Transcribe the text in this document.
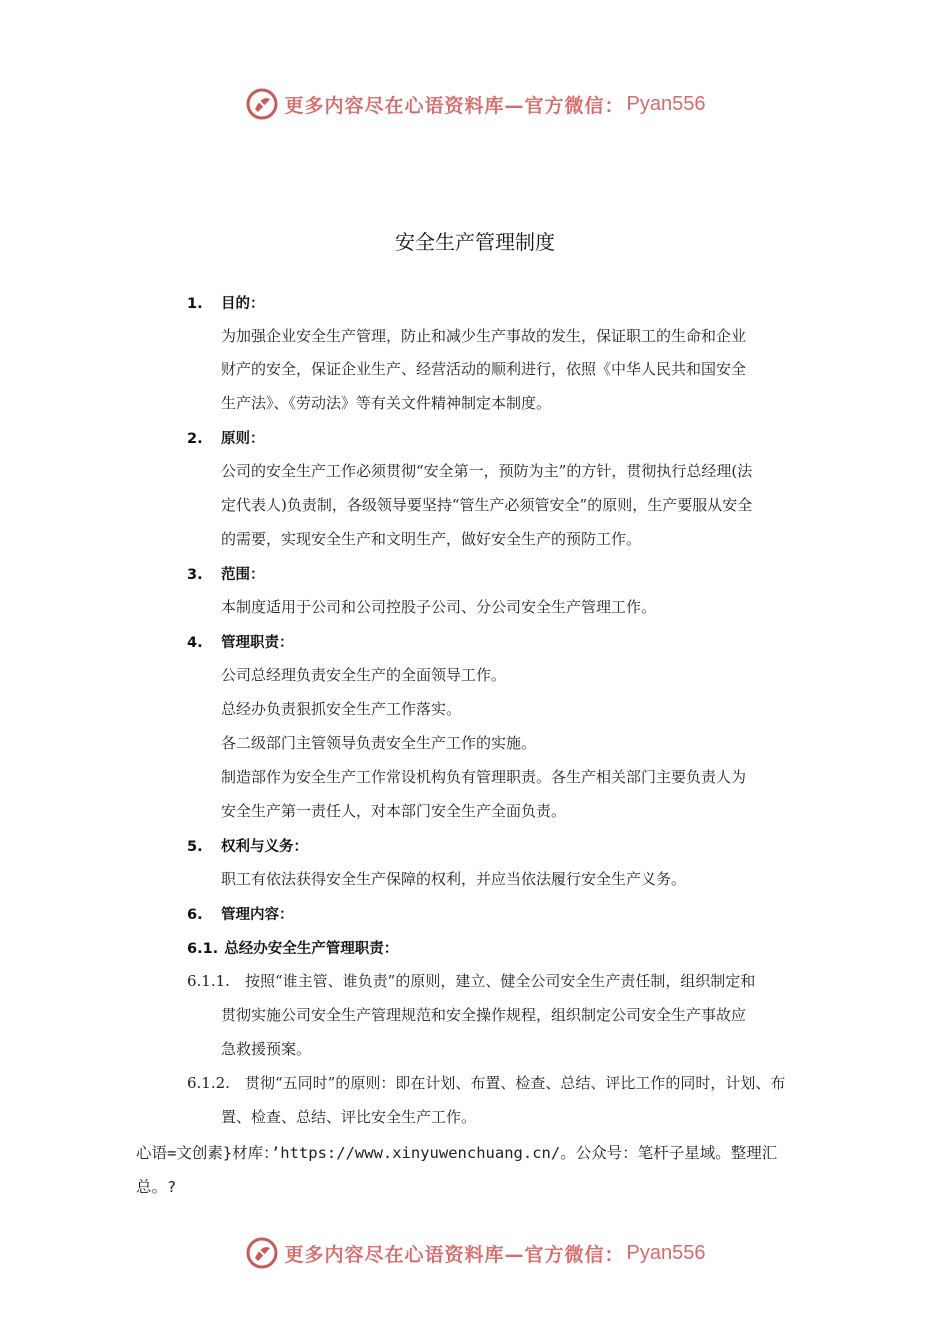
更多内容尽在心语资料库—官方微信： Pyan556
安全生产管理制度
1. 目的：
为加强企业安全生产管理，防止和减少生产事故的发生，保证职工的生命和企业
财产的安全，保证企业生产、经营活动的顺利进行，依照《中华人民共和国安全
生产法》、《劳动法》等有关文件精神制定本制度。
2. 原则：
公司的安全生产工作必须贯彻“安全第一，预防为主”的方针，贯彻执行总经理(法
定代表人)负责制，各级领导要坚持“管生产必须管安全”的原则，生产要服从安全
的需要，实现安全生产和文明生产，做好安全生产的预防工作。
3. 范围：
本制度适用于公司和公司控股子公司、分公司安全生产管理工作。
4. 管理职责：
公司总经理负责安全生产的全面领导工作。
总经办负责狠抓安全生产工作落实。
各二级部门主管领导负责安全生产工作的实施。
制造部作为安全生产工作常设机构负有管理职责。各生产相关部门主要负责人为
安全生产第一责任人，对本部门安全生产全面负责。
5. 权利与义务：
职工有依法获得安全生产保障的权利，并应当依法履行安全生产义务。
6. 管理内容：
6.1. 总经办安全生产管理职责：
6.1.1. 按照“谁主管、谁负责”的原则，建立、健全公司安全生产责任制，组织制定和
贯彻实施公司安全生产管理规范和安全操作规程，组织制定公司安全生产事故应
急救援预案。
6.1.2. 贯彻“五同时”的原则：即在计划、布置、检查、总结、评比工作的同时，计划、布
置、检查、总结、评比安全生产工作。
心语=文创素}材库：’https://www.xinyuwenchuang.cn/。公众号：笔杆子星域。整理汇
总。?
更多内容尽在心语资料库—官方微信： Pyan556
